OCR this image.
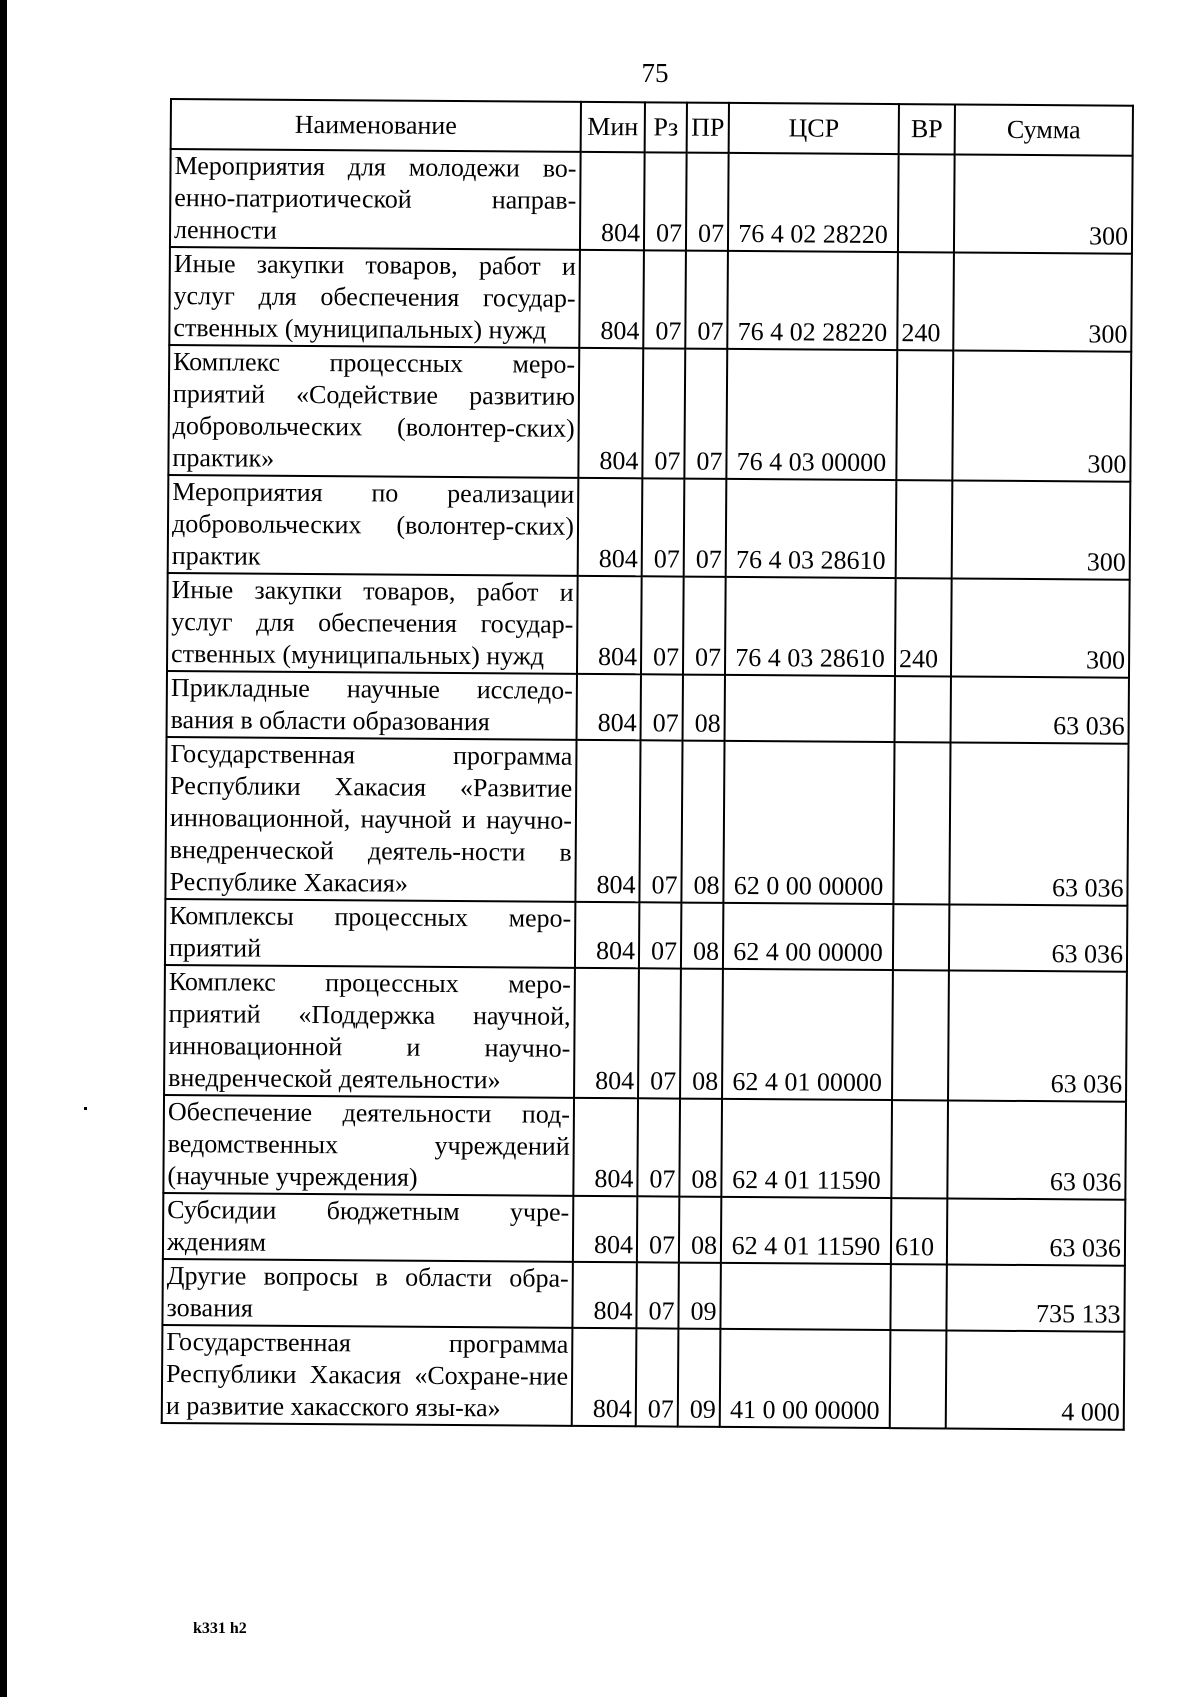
75
Наименование	Мин	Рз	ПР	ЦСР	ВР	Сумма
Мероприятия для молодежи во-енно-патриотической направ-ленности	804	07	07	76 4 02 28220		300
Иные закупки товаров, работ и услуг для обеспечения государ-ственных (муниципальных) нужд	804	07	07	76 4 02 28220	240	300
Комплекс процессных меро-приятий «Содействие развитию добровольческих (волонтер-ских) практик»	804	07	07	76 4 03 00000		300
Мероприятия по реализации добровольческих (волонтер-ских) практик	804	07	07	76 4 03 28610		300
Иные закупки товаров, работ и услуг для обеспечения государ-ственных (муниципальных) нужд	804	07	07	76 4 03 28610	240	300
Прикладные научные исследо-вания в области образования	804	07	08			63 036
Государственная программа Республики Хакасия «Развитие инновационной, научной и научно-внедренческой деятель-ности в Республике Хакасия»	804	07	08	62 0 00 00000		63 036
Комплексы процессных меро-приятий	804	07	08	62 4 00 00000		63 036
Комплекс процессных меро-приятий «Поддержка научной, инновационной и научно-внедренческой деятельности»	804	07	08	62 4 01 00000		63 036
Обеспечение деятельности под-ведомственных учреждений (научные учреждения)	804	07	08	62 4 01 11590		63 036
Субсидии бюджетным учре-ждениям	804	07	08	62 4 01 11590	610	63 036
Другие вопросы в области обра-зования	804	07	09			735 133
Государственная программа Республики Хакасия «Сохране-ние и развитие хакасского язы-ка»	804	07	09	41 0 00 00000		4 000
k331 h2
